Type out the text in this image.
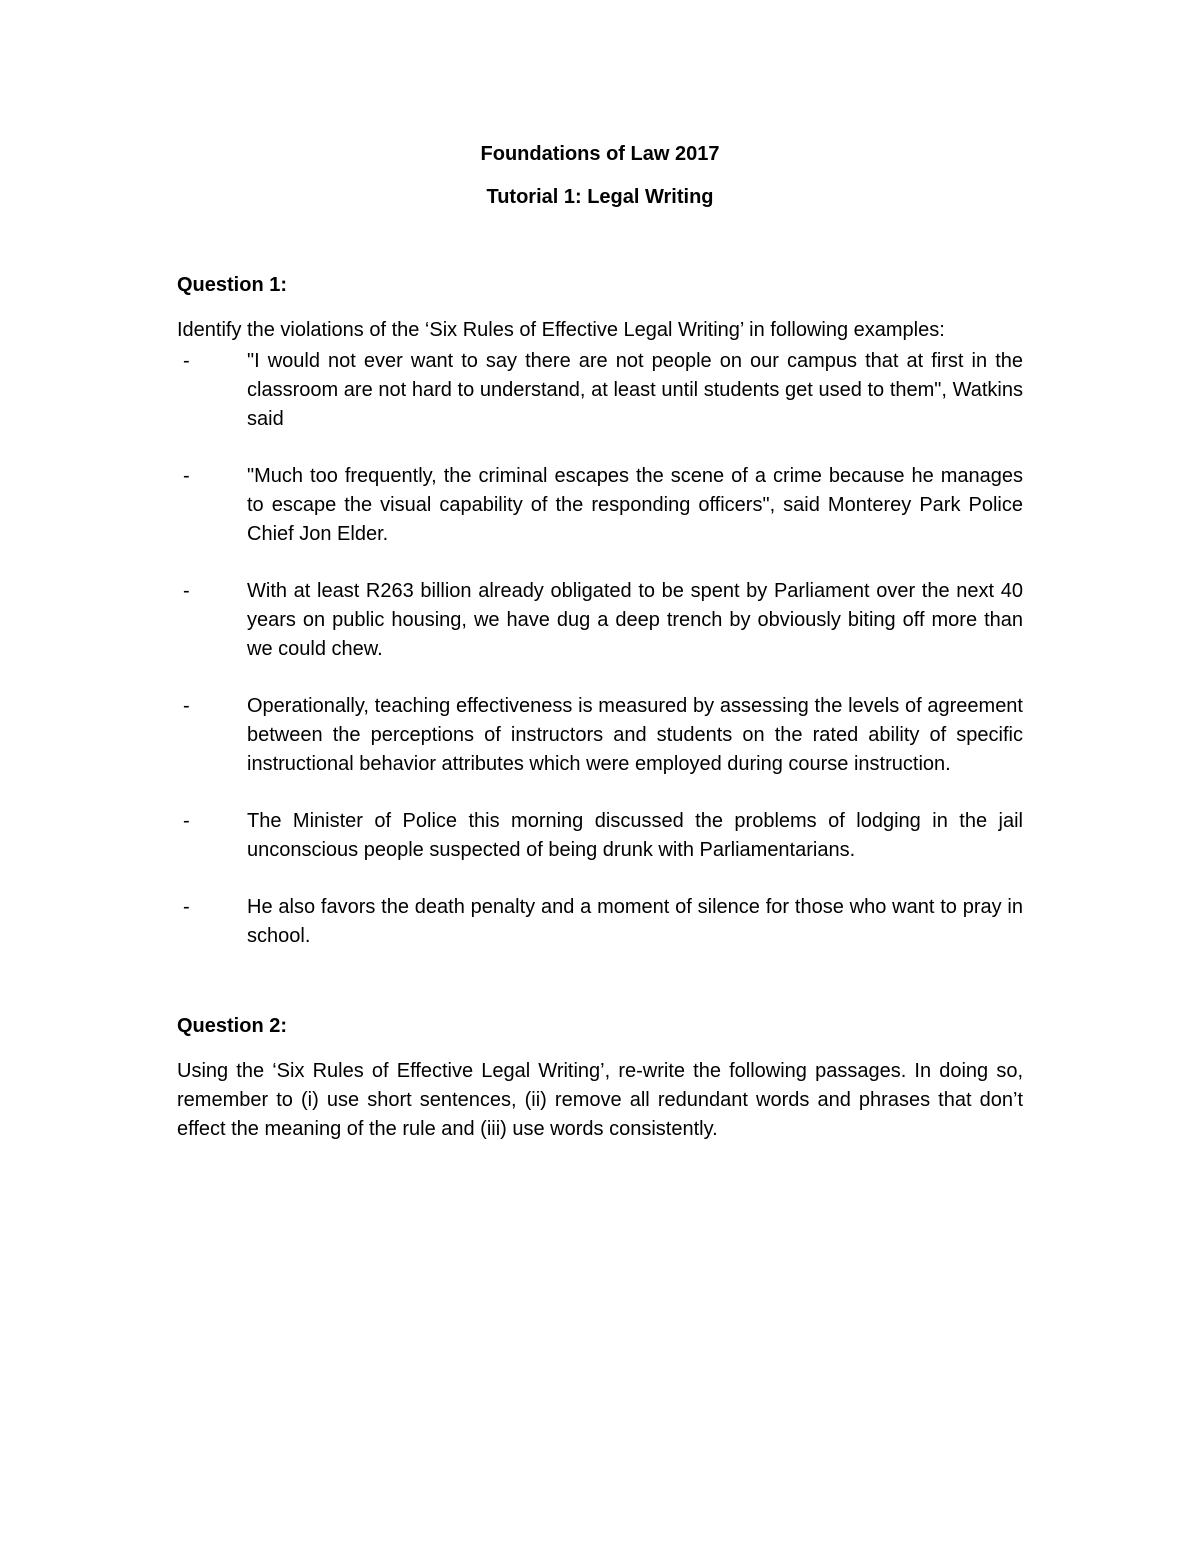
Foundations of Law 2017

Tutorial 1: Legal Writing

Question 1:

Identify the violations of the ‘Six Rules of Effective Legal Writing’ in following examples:

-	"I would not ever want to say there are not people on our campus that at first in the classroom are not hard to understand, at least until students get used to them", Watkins said
-	"Much too frequently, the criminal escapes the scene of a crime because he manages to escape the visual capability of the responding officers", said Monterey Park Police Chief Jon Elder.
-	With at least R263 billion already obligated to be spent by Parliament over the next 40 years on public housing, we have dug a deep trench by obviously biting off more than we could chew.
-	Operationally, teaching effectiveness is measured by assessing the levels of agreement between the perceptions of instructors and students on the rated ability of specific instructional behavior attributes which were employed during course instruction.
-	The Minister of Police this morning discussed the problems of lodging in the jail unconscious people suspected of being drunk with Parliamentarians.
-	He also favors the death penalty and a moment of silence for those who want to pray in school.

Question 2:

Using the ‘Six Rules of Effective Legal Writing’, re-write the following passages. In doing so, remember to (i) use short sentences, (ii) remove all redundant words and phrases that don’t effect the meaning of the rule and (iii) use words consistently.
